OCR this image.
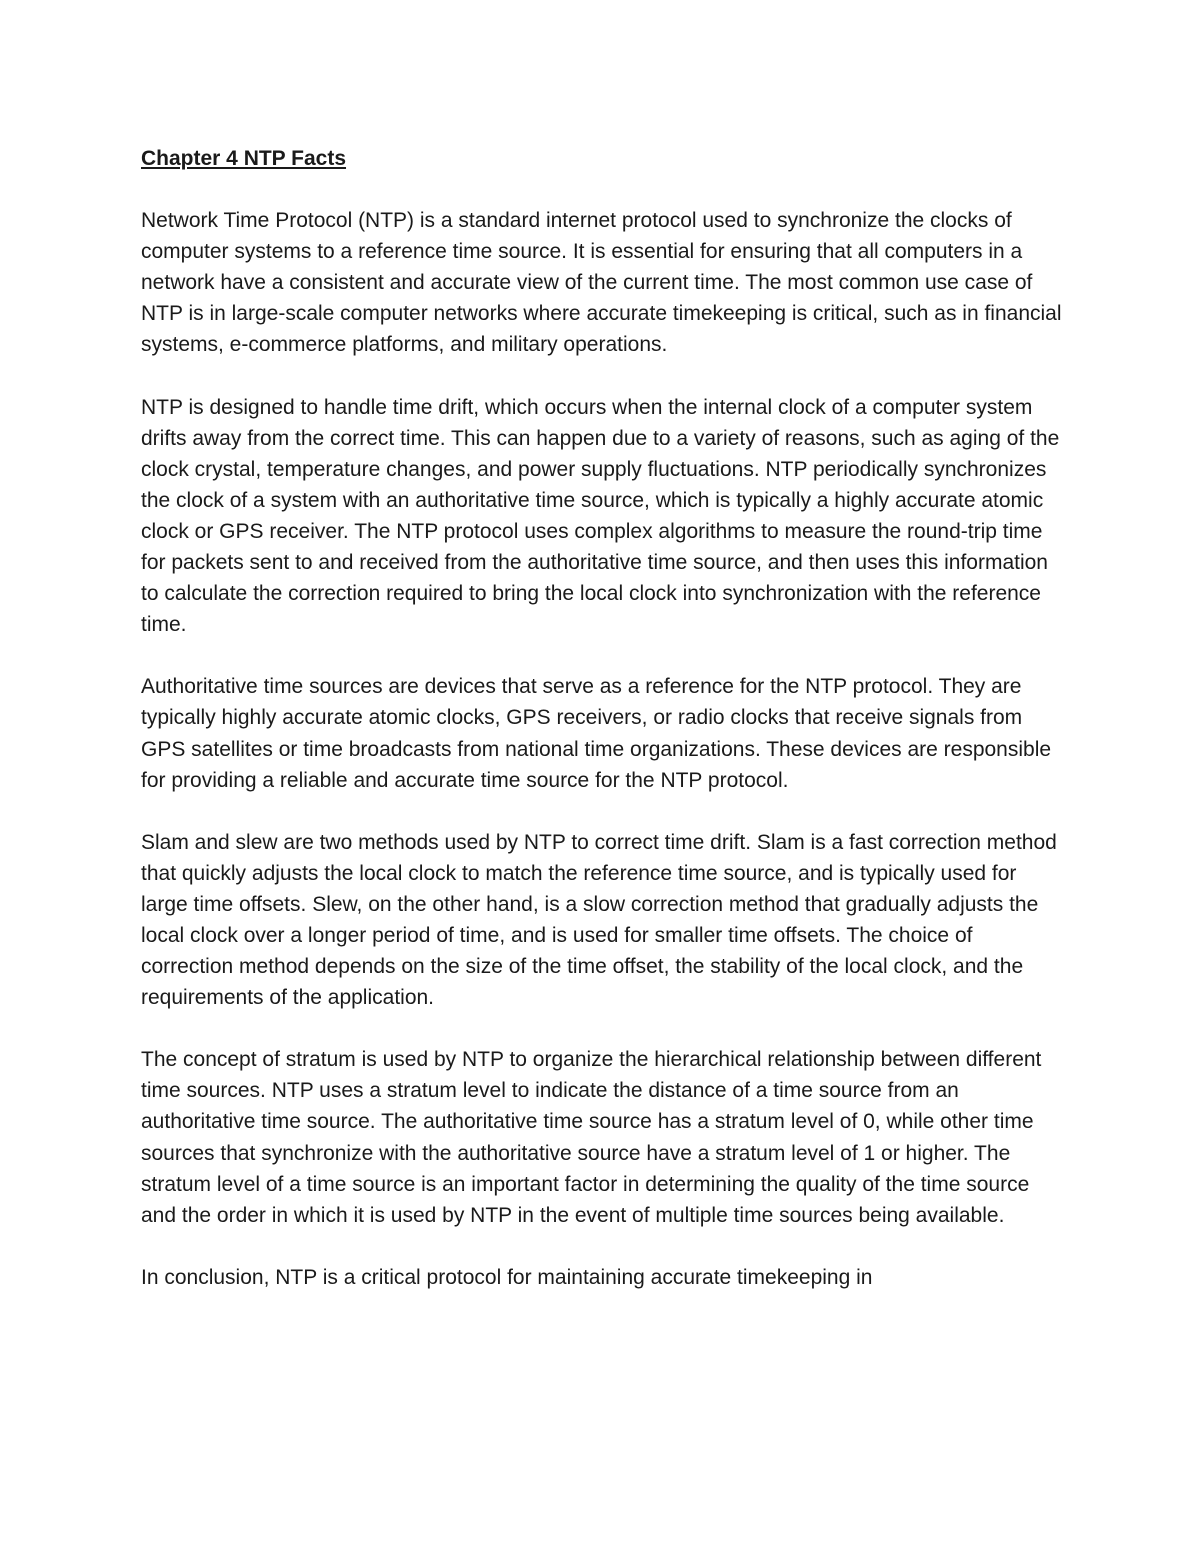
Chapter 4 NTP Facts
Network Time Protocol (NTP) is a standard internet protocol used to synchronize the clocks of computer systems to a reference time source. It is essential for ensuring that all computers in a network have a consistent and accurate view of the current time. The most common use case of NTP is in large-scale computer networks where accurate timekeeping is critical, such as in financial systems, e-commerce platforms, and military operations.
NTP is designed to handle time drift, which occurs when the internal clock of a computer system drifts away from the correct time. This can happen due to a variety of reasons, such as aging of the clock crystal, temperature changes, and power supply fluctuations. NTP periodically synchronizes the clock of a system with an authoritative time source, which is typically a highly accurate atomic clock or GPS receiver. The NTP protocol uses complex algorithms to measure the round-trip time for packets sent to and received from the authoritative time source, and then uses this information to calculate the correction required to bring the local clock into synchronization with the reference time.
Authoritative time sources are devices that serve as a reference for the NTP protocol. They are typically highly accurate atomic clocks, GPS receivers, or radio clocks that receive signals from GPS satellites or time broadcasts from national time organizations. These devices are responsible for providing a reliable and accurate time source for the NTP protocol.
Slam and slew are two methods used by NTP to correct time drift. Slam is a fast correction method that quickly adjusts the local clock to match the reference time source, and is typically used for large time offsets. Slew, on the other hand, is a slow correction method that gradually adjusts the local clock over a longer period of time, and is used for smaller time offsets. The choice of correction method depends on the size of the time offset, the stability of the local clock, and the requirements of the application.
The concept of stratum is used by NTP to organize the hierarchical relationship between different time sources. NTP uses a stratum level to indicate the distance of a time source from an authoritative time source. The authoritative time source has a stratum level of 0, while other time sources that synchronize with the authoritative source have a stratum level of 1 or higher. The stratum level of a time source is an important factor in determining the quality of the time source and the order in which it is used by NTP in the event of multiple time sources being available.
In conclusion, NTP is a critical protocol for maintaining accurate timekeeping in
